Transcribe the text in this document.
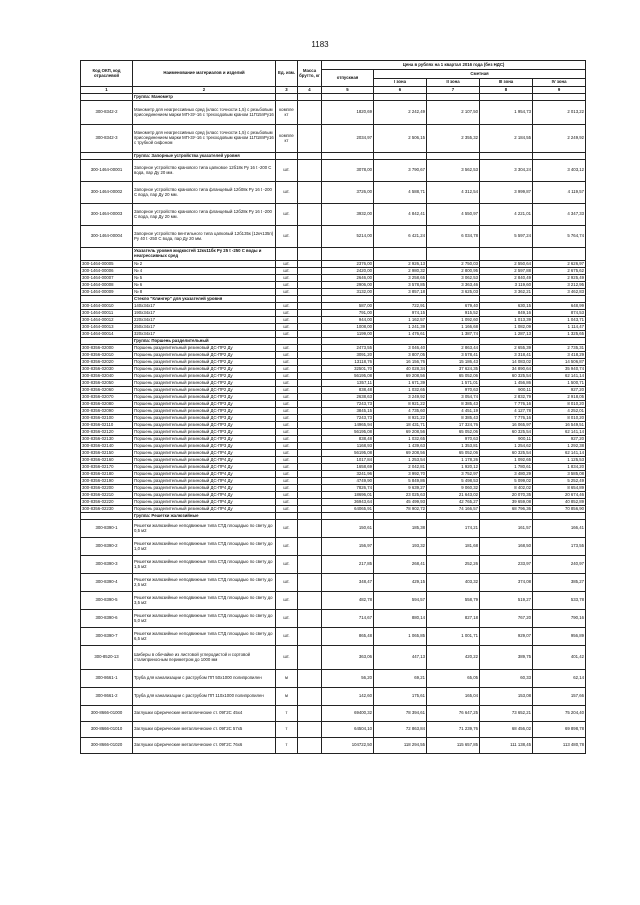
1183
Код ОКП, код отраслевой	Наименование материалов и изделий	Ед. изм.	Масса брутто, кг	Цена в рублях на 1 квартал 2016 года (без НДС)				
				отпускная	Сметная			
					I зона	II зона	III зона	IV зона
1	2	3	4	5	6	7	8	9
	Группа: Манометр							
300-8342-2	Манометр для неагрессивных сред (класс точности 1,5) с резьбовым присоединением марки МП-3У-16 с трехходовым краном 11П15пРу16	компле кт		1820,69	2 242,49	2 107,50	1 954,73	2 013,22
300-8342-3	Манометр для неагрессивных сред (класс точности 1,5) с резьбовым присоединением марки МП-3У-16 с трехходовым краном 11П18пРу16 с трубкой сифоном	компле кт		2034,97	2 506,15	2 355,32	2 184,55	2 249,92
	Группа: Запорные устройства указателей уровня							
300-1464-00001	Запорное устройство кранового типа цапковое 12б18к Ру 16 t -200 С вода, пар Ду 20 мм.	шт.		3078,00	3 790,67	3 562,53	3 304,24	3 403,12
300-1464-00002	Запорное устройство кранового типа фланцевый 12б08к Ру 16 t -200 С вода, пар Ду 20 мм.	шт.		3726,00	4 588,71	4 312,54	3 999,87	4 119,57
300-1464-00003	Запорное устройство кранового типа фланцевый 12б28к Ру 16 t -200 С вода, пар Ду 20 мм.	шт.		3932,00	4 842,41	4 550,97	4 221,01	4 347,33
300-1464-00004	Запорное устройство вентильного типа цапковый 12б135к (12кч135п) Ру 40 t -250 С вода, пар Ду 20 мм.	шт.		5214,00	6 421,24	6 034,78	5 597,24	5 764,74
	Указатель уровня жидкостей 12кч11бк Ру 25 t -250 С воды и неагрессивных сред							
300-1464-00005	№ 2	шт.		2376,00	2 926,13	2 750,03	2 550,64	2 626,97
300-1464-00006	№ 4	шт.		2420,00	2 980,32	2 800,95	2 597,88	2 675,62
300-1464-00007	№ 5	шт.		2646,00	3 258,65	3 062,53	2 840,49	2 925,49
300-1464-00008	№ 6	шт.		2906,00	3 578,85	3 363,46	3 119,60	3 212,95
300-1464-00009	№ 8	шт.		3132,00	3 857,18	3 625,03	3 362,21	3 462,83
	Стекло "Клингер" для указателей уровня							
300-1464-00010	140х34х17	шт.		587,00	722,91	679,40	630,15	648,99
300-1464-00011	190х34х17	шт.		791,00	974,15	915,52	849,16	874,53
300-1464-00012	220х34х17	шт.		944,00	1 162,57	1 092,60	1 013,39	1 043,71
300-1464-00013	250х34х17	шт.		1008,00	1 241,39	1 166,68	1 082,09	1 114,47
300-1464-00014	320х34х17	шт.		1199,00	1 476,61	1 387,74	1 287,13	1 325,65
	Группа: Поршень разделительный							
300-8356-02000	Поршень разделительный резиновый ДС-ПР2 Ду	шт.		2473,55	3 046,40	2 863,44	2 655,39	2 735,31
300-8356-02010	Поршень разделительный резиновый ДС-ПР2 Ду	шт.		3091,20	3 807,05	3 578,41	3 318,41	3 418,29
300-8356-02020	Поршень разделительный резиновый ДС-ПР2 Ду	шт.		13118,76	16 156,76	15 186,43	14 083,02	14 506,87
300-8356-02030	Поршень разделительный резиновый ДС-ПР2 Ду	шт.		32501,70	40 028,34	37 624,35	34 890,64	35 940,74
300-8356-02040	Поршень разделительный резиновый ДС-ПР2 Ду	шт.		56195,08	69 208,56	65 052,06	60 325,54	62 141,14
300-8356-02050	Поршень разделительный резиновый ДС-ПР2 Ду	шт.		1357,11	1 671,39	1 571,01	1 456,86	1 500,71
300-8356-02060	Поршень разделительный резиновый ДС-ПР2 Ду	шт.		838,48	1 032,65	970,63	900,11	927,20
300-8356-02070	Поршень разделительный резиновый ДС-ПР3 Ду	шт.		2638,63	3 249,92	3 054,74	2 832,79	2 918,05
300-8356-02080	Поршень разделительный резиновый ДС-ПР3 Ду	шт.		7243,73	8 921,22	8 385,43	7 776,16	8 010,20
300-8356-02090	Поршень разделительный резиновый ДС-ПР3 Ду	шт.		3845,15	4 735,60	4 451,19	4 127,78	4 252,01
300-8356-02100	Поршень разделительный резиновый ДС-ПР3 Ду	шт.		7243,73	8 921,22	8 385,43	7 776,16	8 010,20
300-8356-02110	Поршень разделительный резиновый ДС-ПР3 Ду	шт.		14965,94	18 431,71	17 324,76	16 065,97	16 549,51
300-8356-02120	Поршень разделительный резиновый ДС-ПР3 Ду	шт.		56195,08	69 208,56	65 052,06	60 325,54	62 141,14
300-8356-02130	Поршень разделительный резиновый ДС-ПР3 Ду	шт.		838,48	1 032,65	970,63	900,11	927,20
300-8356-02140	Поршень разделительный резиновый ДС-ПР3 Ду	шт.		1168,93	1 439,63	1 353,81	1 254,62	1 292,38
300-8356-02150	Поршень разделительный резиновый ДС-ПР4 Ду	шт.		56195,08	69 208,56	65 052,06	60 325,54	62 141,14
300-8356-02160	Поршень разделительный резиновый ДС-ПР4 Ду	шт.		1017,84	1 253,54	1 178,26	1 092,65	1 125,53
300-8356-02170	Поршень разделительный резиновый ДС-ПР4 Ду	шт.		1658,69	2 042,81	1 920,12	1 780,61	1 834,20
300-8356-02180	Поршень разделительный резиновый ДС-ПР4 Ду	шт.		3241,96	3 992,70	3 752,97	3 480,29	3 585,08
300-8356-02190	Поршень разделительный резиновый ДС-ПР4 Ду	шт.		4749,90	5 849,86	5 498,53	5 099,02	5 252,49
300-8356-02200	Поршень разделительный резиновый ДС-ПР4 Ду	шт.		7826,74	9 639,27	9 060,32	8 402,02	8 654,89
300-8356-02210	Поршень разделительный резиновый ДС-ПР4 Ду	шт.		18696,01	23 025,63	21 643,02	20 070,35	20 674,46
300-8356-02220	Поршень разделительный резиновый ДС-ПР4 Ду	шт.		36943,64	45 499,93	42 765,27	39 659,08	40 852,89
300-8356-02230	Поршень разделительный резиновый ДС-ПР4 Ду	шт.		64065,91	78 902,72	74 166,57	68 796,36	70 856,90
	Группа: Решетки жалюзийные							
300-8390-1	Решетки жалюзийные неподвижные типа СТД площадью по свету до 0,5 м2	шт.		150,61	185,38	174,21	161,57	166,41
300-8390-2	Решетки жалюзийные неподвижные типа СТД площадью по свету до 1,0 м2	шт.		156,97	193,32	181,68	168,50	173,55
300-8390-3	Решетки жалюзийные неподвижные типа СТД площадью по свету до 1,5 м2	шт.		217,85	268,41	252,26	233,97	240,97
300-8390-4	Решетки жалюзийные неподвижные типа СТД площадью по свету до 2,5 м2	шт.		348,47	429,15	403,32	374,08	385,27
300-8390-5	Решетки жалюзийные неподвижные типа СТД площадью по свету до 3,5 м2	шт.		482,78	594,57	558,79	519,27	533,78
300-8390-6	Решетки жалюзийные неподвижные типа СТД площадью по свету до 5,0 м2	шт.		714,67	880,14	827,18	767,20	790,16
300-8390-7	Решетки жалюзийные неподвижные типа СТД площадью по свету до 6,5 м2	шт.		865,48	1 065,85	1 001,71	929,07	956,89
300-8520-13	Шиберы в обечайке из листовой углеродистой и сортовой сталиприносным периметром до 1000 мм	шт.		363,06	447,13	420,22	389,75	401,42
300-8661-1	Труба для канализации с раструбом ПП 50х1000 полипропилен	м		56,20	69,21	65,05	60,33	62,14
300-8661-2	Труба для канализации с раструбом ПП 110х1000 полипропилен	м		142,60	175,61	165,04	153,08	157,66
300-8666-01000	Заглушки сферические металлические ст. 09Г2С 45х4	т		69400,32	78 394,61	76 647,25	73 652,21	75 204,40
300-8666-01010	Заглушки сферические металлические ст. 09Г2С 57х5	т		64504,10	72 863,84	71 239,76	68 456,02	69 898,78
300-8666-01020	Заглушки сферические металлические ст. 09Г2С 76х6	т		104722,50	118 294,55	115 657,85	111 138,45	113 480,78
